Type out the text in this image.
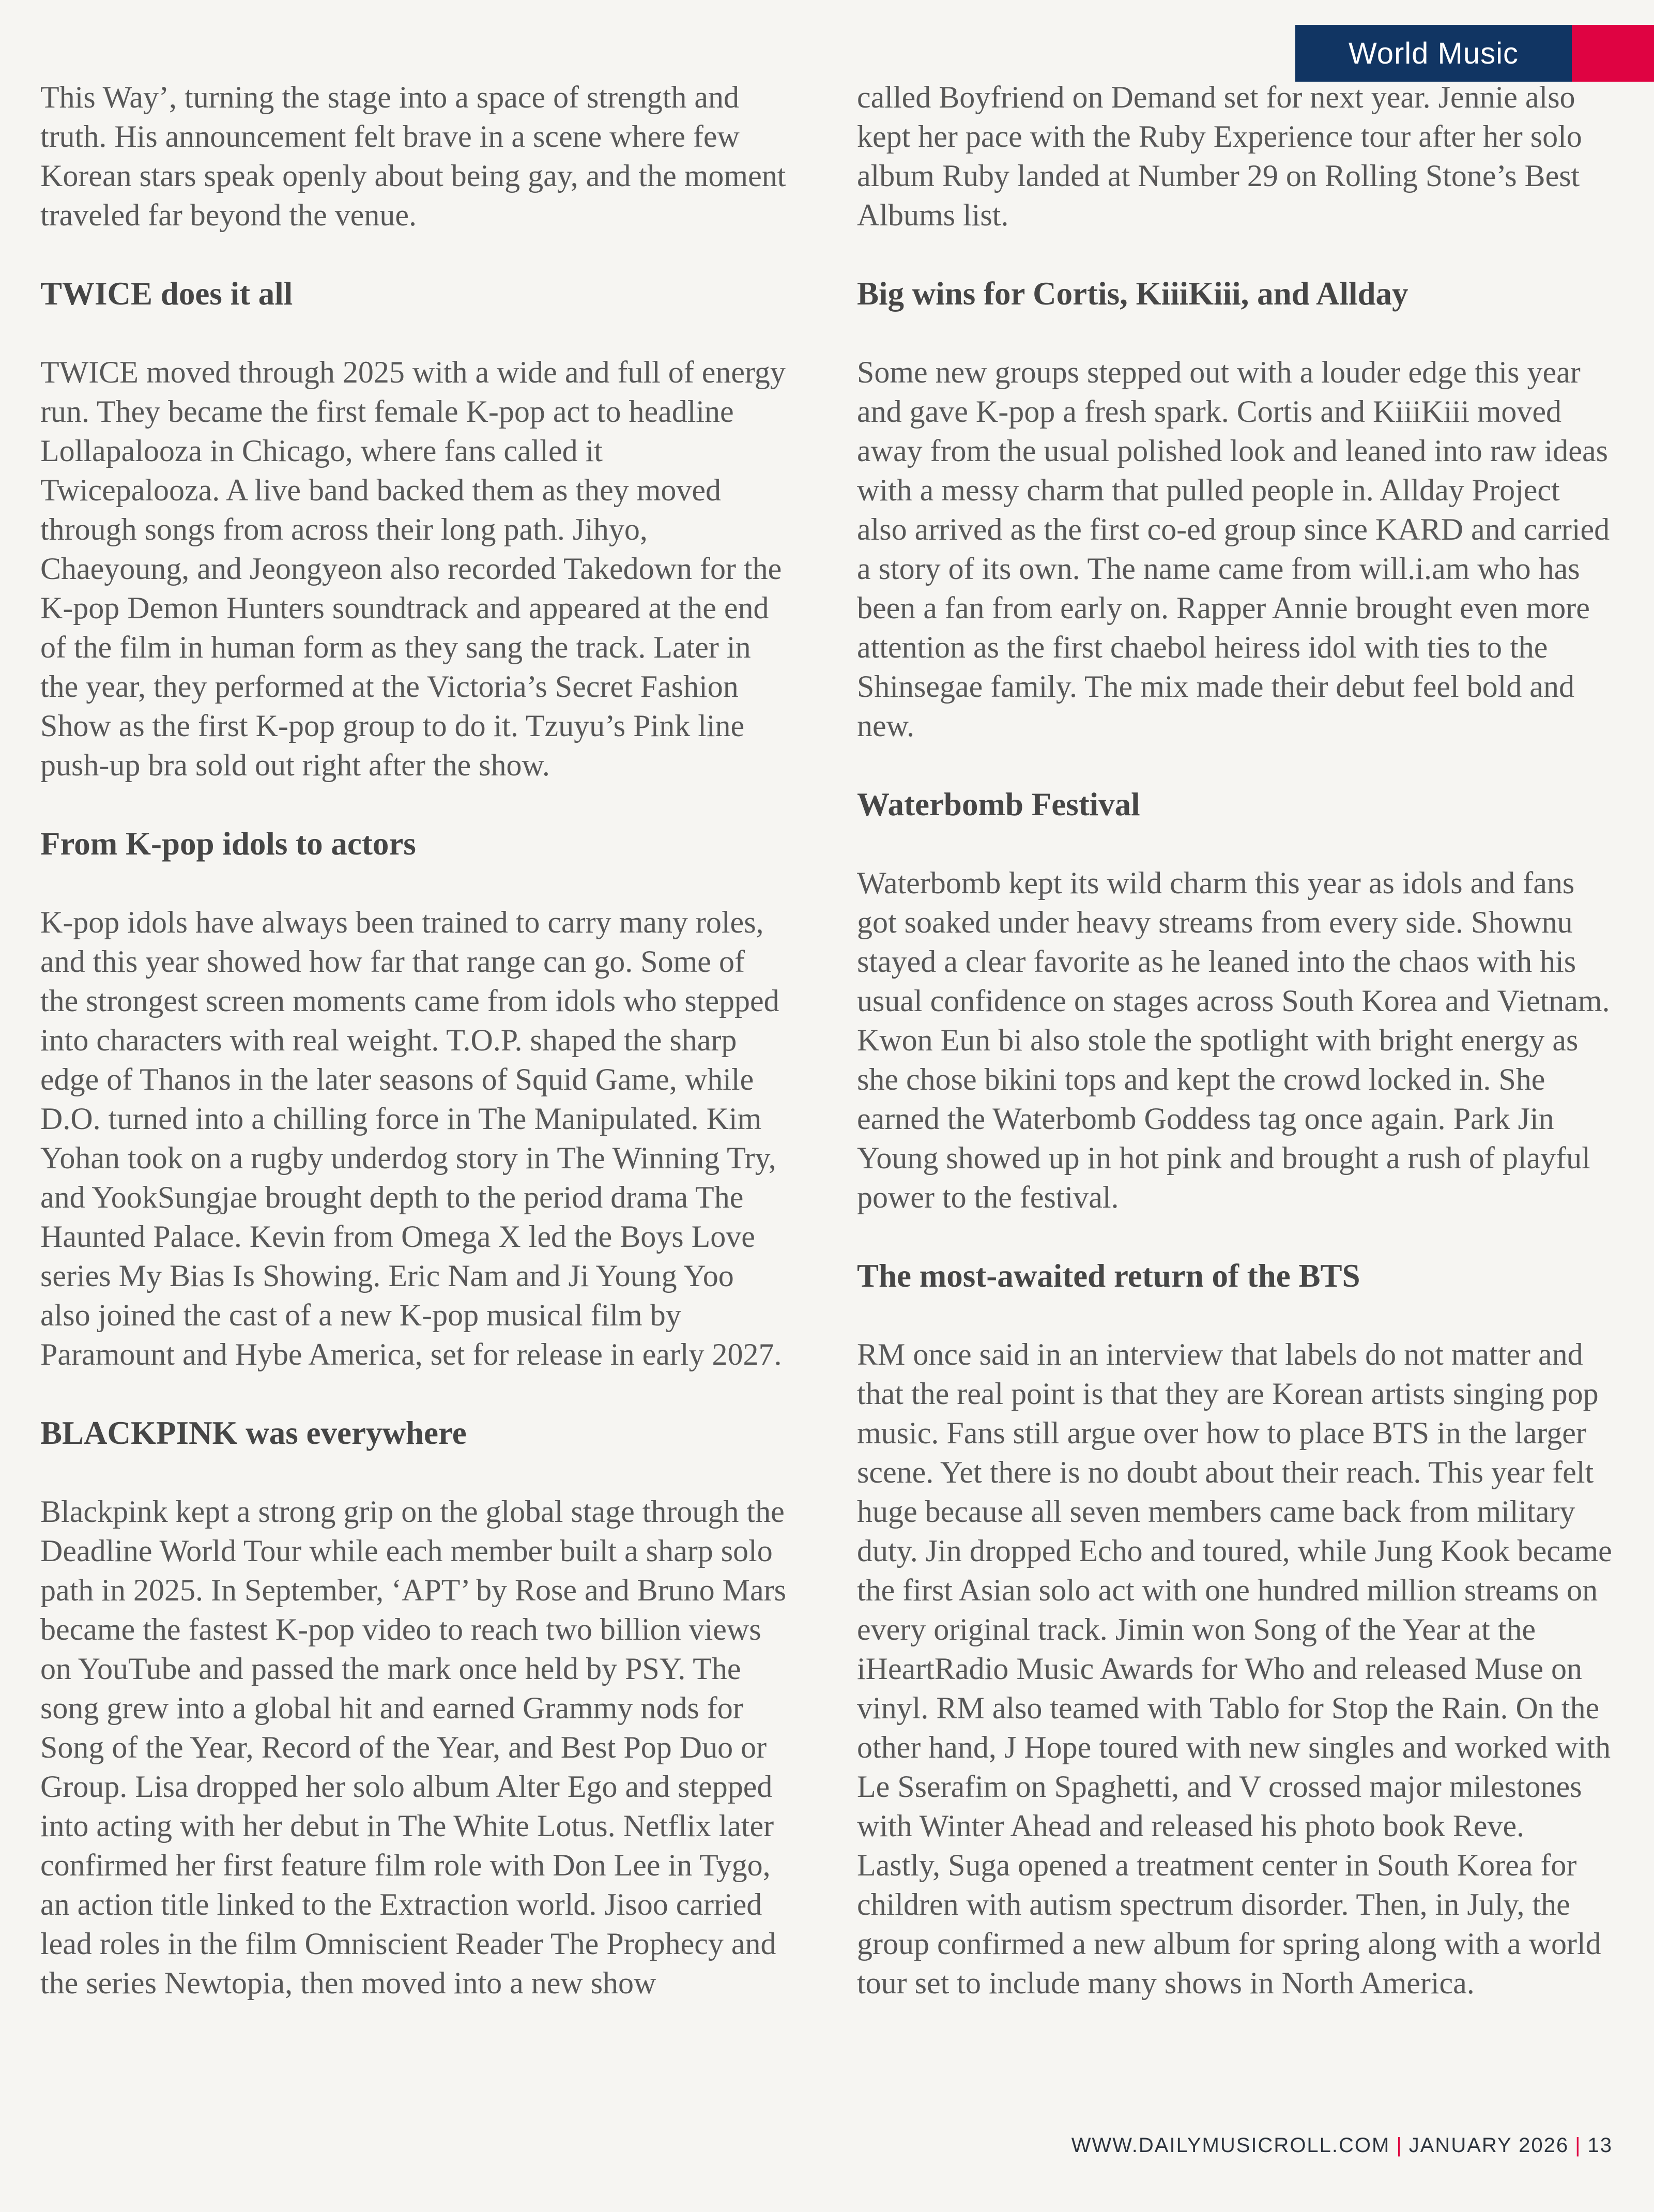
World Music

This Way’, turning the stage into a space of strength and truth. His announcement felt brave in a scene where few Korean stars speak openly about being gay, and the moment traveled far beyond the venue.

TWICE does it all

TWICE moved through 2025 with a wide and full of energy run. They became the first female K-pop act to headline Lollapalooza in Chicago, where fans called it Twicepalooza. A live band backed them as they moved through songs from across their long path. Jihyo, Chaeyoung, and Jeongyeon also recorded Takedown for the K-pop Demon Hunters soundtrack and appeared at the end of the film in human form as they sang the track. Later in the year, they performed at the Victoria’s Secret Fashion Show as the first K-pop group to do it. Tzuyu’s Pink line push-up bra sold out right after the show.

From K-pop idols to actors

K-pop idols have always been trained to carry many roles, and this year showed how far that range can go. Some of the strongest screen moments came from idols who stepped into characters with real weight. T.O.P. shaped the sharp edge of Thanos in the later seasons of Squid Game, while D.O. turned into a chilling force in The Manipulated. Kim Yohan took on a rugby underdog story in The Winning Try, and YookSungjae brought depth to the period drama The Haunted Palace. Kevin from Omega X led the Boys Love series My Bias Is Showing. Eric Nam and Ji Young Yoo also joined the cast of a new K-pop musical film by Paramount and Hybe America, set for release in early 2027.

BLACKPINK was everywhere

Blackpink kept a strong grip on the global stage through the Deadline World Tour while each member built a sharp solo path in 2025. In September, ‘APT’ by Rose and Bruno Mars became the fastest K-pop video to reach two billion views on YouTube and passed the mark once held by PSY. The song grew into a global hit and earned Grammy nods for Song of the Year, Record of the Year, and Best Pop Duo or Group. Lisa dropped her solo album Alter Ego and stepped into acting with her debut in The White Lotus. Netflix later confirmed her first feature film role with Don Lee in Tygo, an action title linked to the Extraction world. Jisoo carried lead roles in the film Omniscient Reader The Prophecy and the series Newtopia, then moved into a new show

called Boyfriend on Demand set for next year. Jennie also kept her pace with the Ruby Experience tour after her solo album Ruby landed at Number 29 on Rolling Stone’s Best Albums list.

Big wins for Cortis, KiiiKiii, and Allday

Some new groups stepped out with a louder edge this year and gave K-pop a fresh spark. Cortis and KiiiKiii moved away from the usual polished look and leaned into raw ideas with a messy charm that pulled people in. Allday Project also arrived as the first co-ed group since KARD and carried a story of its own. The name came from will.i.am who has been a fan from early on. Rapper Annie brought even more attention as the first chaebol heiress idol with ties to the Shinsegae family. The mix made their debut feel bold and new.

Waterbomb Festival

Waterbomb kept its wild charm this year as idols and fans got soaked under heavy streams from every side. Shownu stayed a clear favorite as he leaned into the chaos with his usual confidence on stages across South Korea and Vietnam. Kwon Eun bi also stole the spotlight with bright energy as she chose bikini tops and kept the crowd locked in. She earned the Waterbomb Goddess tag once again. Park Jin Young showed up in hot pink and brought a rush of playful power to the festival.

The most-awaited return of the BTS

RM once said in an interview that labels do not matter and that the real point is that they are Korean artists singing pop music. Fans still argue over how to place BTS in the larger scene. Yet there is no doubt about their reach. This year felt huge because all seven members came back from military duty. Jin dropped Echo and toured, while Jung Kook became the first Asian solo act with one hundred million streams on every original track. Jimin won Song of the Year at the iHeartRadio Music Awards for Who and released Muse on vinyl. RM also teamed with Tablo for Stop the Rain. On the other hand, J Hope toured with new singles and worked with Le Sserafim on Spaghetti, and V crossed major milestones with Winter Ahead and released his photo book Reve. Lastly, Suga opened a treatment center in South Korea for children with autism spectrum disorder. Then, in July, the group confirmed a new album for spring along with a world tour set to include many shows in North America.

WWW.DAILYMUSICROLL.COM | JANUARY 2026 | 13
